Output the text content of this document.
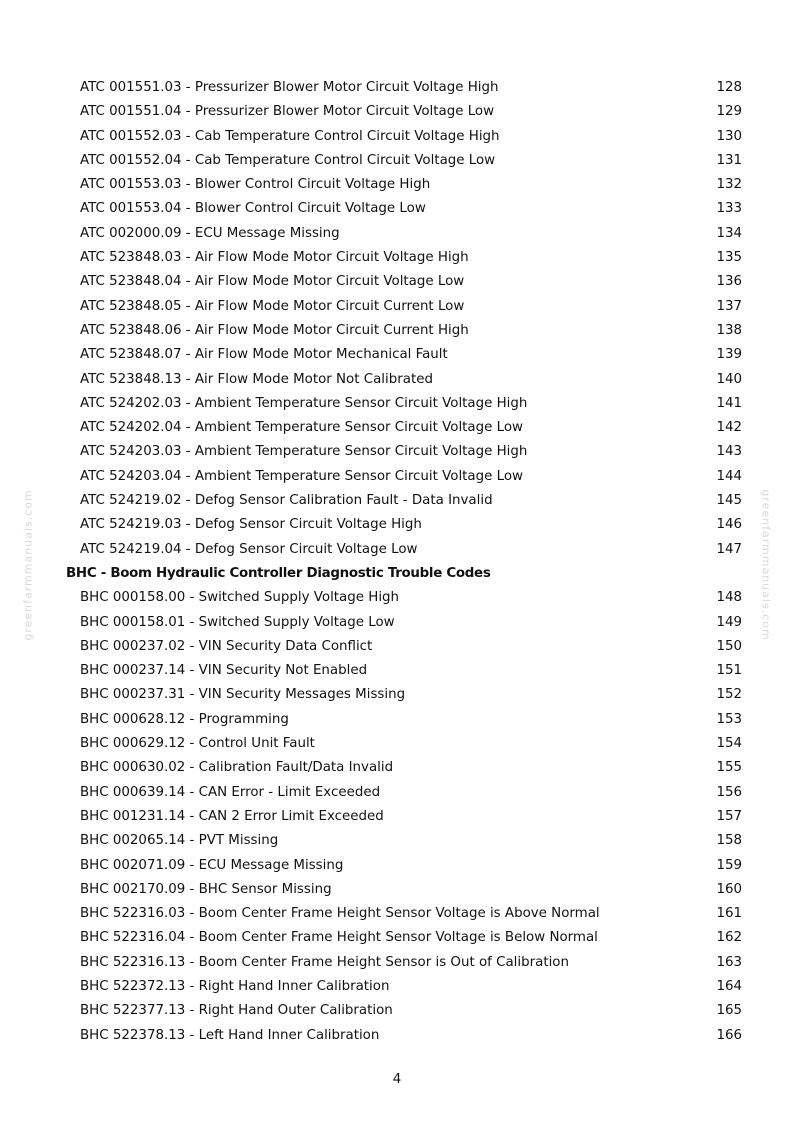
greenfarmmanuals.com	greenfarmmanuals.com
ATC 001551.03 - Pressurizer Blower Motor Circuit Voltage High	128
ATC 001551.04 - Pressurizer Blower Motor Circuit Voltage Low	129
ATC 001552.03 - Cab Temperature Control Circuit Voltage High	130
ATC 001552.04 - Cab Temperature Control Circuit Voltage Low	131
ATC 001553.03 - Blower Control Circuit Voltage High	132
ATC 001553.04 - Blower Control Circuit Voltage Low	133
ATC 002000.09 - ECU Message Missing	134
ATC 523848.03 - Air Flow Mode Motor Circuit Voltage High	135
ATC 523848.04 - Air Flow Mode Motor Circuit Voltage Low	136
ATC 523848.05 - Air Flow Mode Motor Circuit Current Low	137
ATC 523848.06 - Air Flow Mode Motor Circuit Current High	138
ATC 523848.07 - Air Flow Mode Motor Mechanical Fault	139
ATC 523848.13 - Air Flow Mode Motor Not Calibrated	140
ATC 524202.03 - Ambient Temperature Sensor Circuit Voltage High	141
ATC 524202.04 - Ambient Temperature Sensor Circuit Voltage Low	142
ATC 524203.03 - Ambient Temperature Sensor Circuit Voltage High	143
ATC 524203.04 - Ambient Temperature Sensor Circuit Voltage Low	144
ATC 524219.02 - Defog Sensor Calibration Fault - Data Invalid	145
ATC 524219.03 - Defog Sensor Circuit Voltage High	146
ATC 524219.04 - Defog Sensor Circuit Voltage Low	147
BHC - Boom Hydraulic Controller Diagnostic Trouble Codes
BHC 000158.00 - Switched Supply Voltage High	148
BHC 000158.01 - Switched Supply Voltage Low	149
BHC 000237.02 - VIN Security Data Conflict	150
BHC 000237.14 - VIN Security Not Enabled	151
BHC 000237.31 - VIN Security Messages Missing	152
BHC 000628.12 - Programming	153
BHC 000629.12 - Control Unit Fault	154
BHC 000630.02 - Calibration Fault/Data Invalid	155
BHC 000639.14 - CAN Error - Limit Exceeded	156
BHC 001231.14 - CAN 2 Error Limit Exceeded	157
BHC 002065.14 - PVT Missing	158
BHC 002071.09 - ECU Message Missing	159
BHC 002170.09 - BHC Sensor Missing	160
BHC 522316.03 - Boom Center Frame Height Sensor Voltage is Above Normal	161
BHC 522316.04 - Boom Center Frame Height Sensor Voltage is Below Normal	162
BHC 522316.13 - Boom Center Frame Height Sensor is Out of Calibration	163
BHC 522372.13 - Right Hand Inner Calibration	164
BHC 522377.13 - Right Hand Outer Calibration	165
BHC 522378.13 - Left Hand Inner Calibration	166
4
